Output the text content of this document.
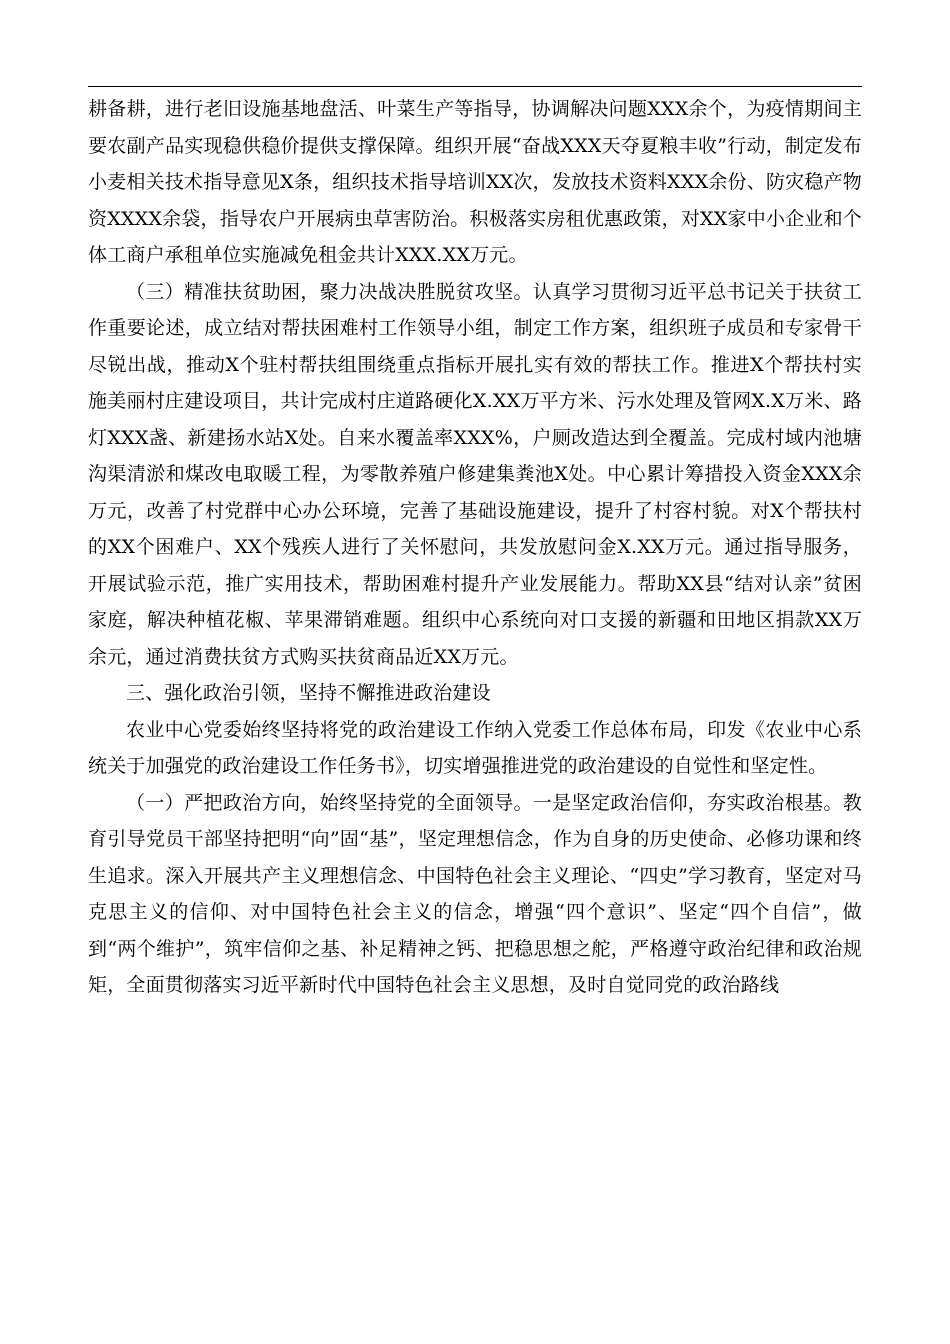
耕备耕，进行老旧设施基地盘活、叶菜生产等指导，协调解决问题XXX余个，为疫情期间主要农副产品实现稳供稳价提供支撑保障。组织开展“奋战XXX天夺夏粮丰收”行动，制定发布小麦相关技术指导意见X条，组织技术指导培训XX次，发放技术资料XXX余份、防灾稳产物资XXXX余袋，指导农户开展病虫草害防治。积极落实房租优惠政策，对XX家中小企业和个体工商户承租单位实施减免租金共计XXX.XX万元。

（三）精准扶贫助困，聚力决战决胜脱贫攻坚。认真学习贯彻习近平总书记关于扶贫工作重要论述，成立结对帮扶困难村工作领导小组，制定工作方案，组织班子成员和专家骨干尽锐出战，推动X个驻村帮扶组围绕重点指标开展扎实有效的帮扶工作。推进X个帮扶村实施美丽村庄建设项目，共计完成村庄道路硬化X.XX万平方米、污水处理及管网X.X万米、路灯XXX盏、新建扬水站X处。自来水覆盖率XXX%，户厕改造达到全覆盖。完成村域内池塘沟渠清淤和煤改电取暖工程，为零散养殖户修建集粪池X处。中心累计筹措投入资金XXX余万元，改善了村党群中心办公环境，完善了基础设施建设，提升了村容村貌。对X个帮扶村的XX个困难户、XX个残疾人进行了关怀慰问，共发放慰问金X.XX万元。通过指导服务，开展试验示范，推广实用技术，帮助困难村提升产业发展能力。帮助XX县“结对认亲”贫困家庭，解决种植花椒、苹果滞销难题。组织中心系统向对口支援的新疆和田地区捐款XX万余元，通过消费扶贫方式购买扶贫商品近XX万元。

三、强化政治引领，坚持不懈推进政治建设

农业中心党委始终坚持将党的政治建设工作纳入党委工作总体布局，印发《农业中心系统关于加强党的政治建设工作任务书》，切实增强推进党的政治建设的自觉性和坚定性。

（一）严把政治方向，始终坚持党的全面领导。一是坚定政治信仰，夯实政治根基。教育引导党员干部坚持把明“向”固“基”，坚定理想信念，作为自身的历史使命、必修功课和终生追求。深入开展共产主义理想信念、中国特色社会主义理论、“四史”学习教育，坚定对马克思主义的信仰、对中国特色社会主义的信念，增强“四个意识”、坚定“四个自信”，做到“两个维护”，筑牢信仰之基、补足精神之钙、把稳思想之舵，严格遵守政治纪律和政治规矩，全面贯彻落实习近平新时代中国特色社会主义思想，及时自觉同党的政治路线
